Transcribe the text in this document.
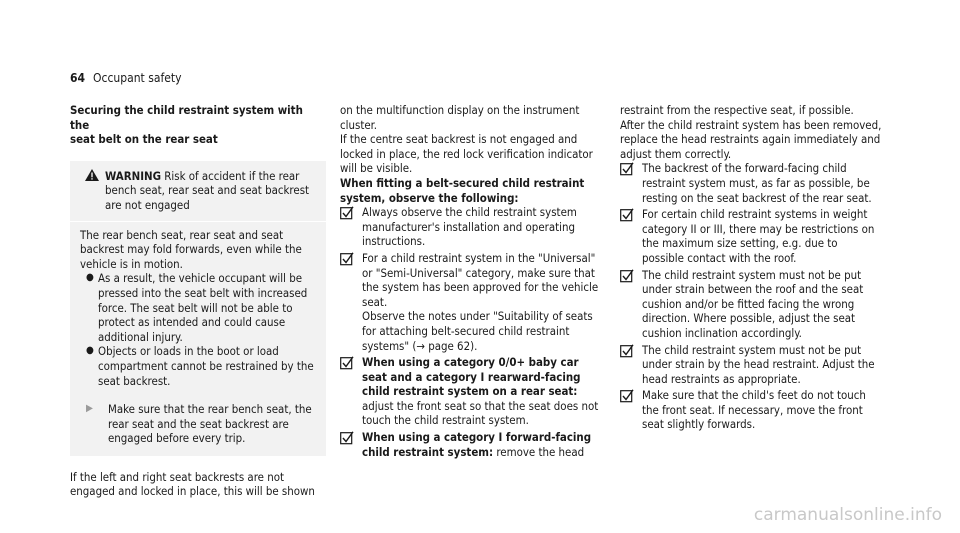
64 Occupant safety
Securing the child restraint system with the
seat belt on the rear seat
WARNING Risk of accident if the rear bench seat, rear seat and seat backrest are not engaged

The rear bench seat, rear seat and seat backrest may fold forwards, even while the vehicle is in motion.

● As a result, the vehicle occupant will be pressed into the seat belt with increased force. The seat belt will not be able to protect as intended and could cause additional injury.
● Objects or loads in the boot or load compartment cannot be restrained by the seat backrest.
▶	Make sure that the rear bench seat, the rear seat and the seat backrest are engaged before every trip.

If the left and right seat backrests are not engaged and locked in place, this will be shown

on the multifunction display on the instrument cluster.

If the centre seat backrest is not engaged and locked in place, the red lock verification indicator will be visible.

When fitting a belt-secured child restraint system, observe the following:

Always observe the child restraint system manufacturer's installation and operating instructions.
For a child restraint system in the "Universal" or "Semi-Universal" category, make sure that the system has been approved for the vehicle seat.
Observe the notes under "Suitability of seats for attaching belt-secured child restraint systems" (→ page 62).
When using a category 0/0+ baby car seat and a category I rearward-facing child restraint system on a rear seat: adjust the front seat so that the seat does not touch the child restraint system.
When using a category I forward-facing child restraint system: remove the head

restraint from the respective seat, if possible.

After the child restraint system has been removed, replace the head restraints again immediately and adjust them correctly.

The backrest of the forward-facing child restraint system must, as far as possible, be resting on the seat backrest of the rear seat.
For certain child restraint systems in weight category II or III, there may be restrictions on the maximum size setting, e.g. due to possible contact with the roof.
The child restraint system must not be put under strain between the roof and the seat cushion and/or be fitted facing the wrong direction. Where possible, adjust the seat cushion inclination accordingly.
The child restraint system must not be put under strain by the head restraint. Adjust the head restraints as appropriate.
Make sure that the child's feet do not touch the front seat. If necessary, move the front seat slightly forwards.
carmanualsonline.info
